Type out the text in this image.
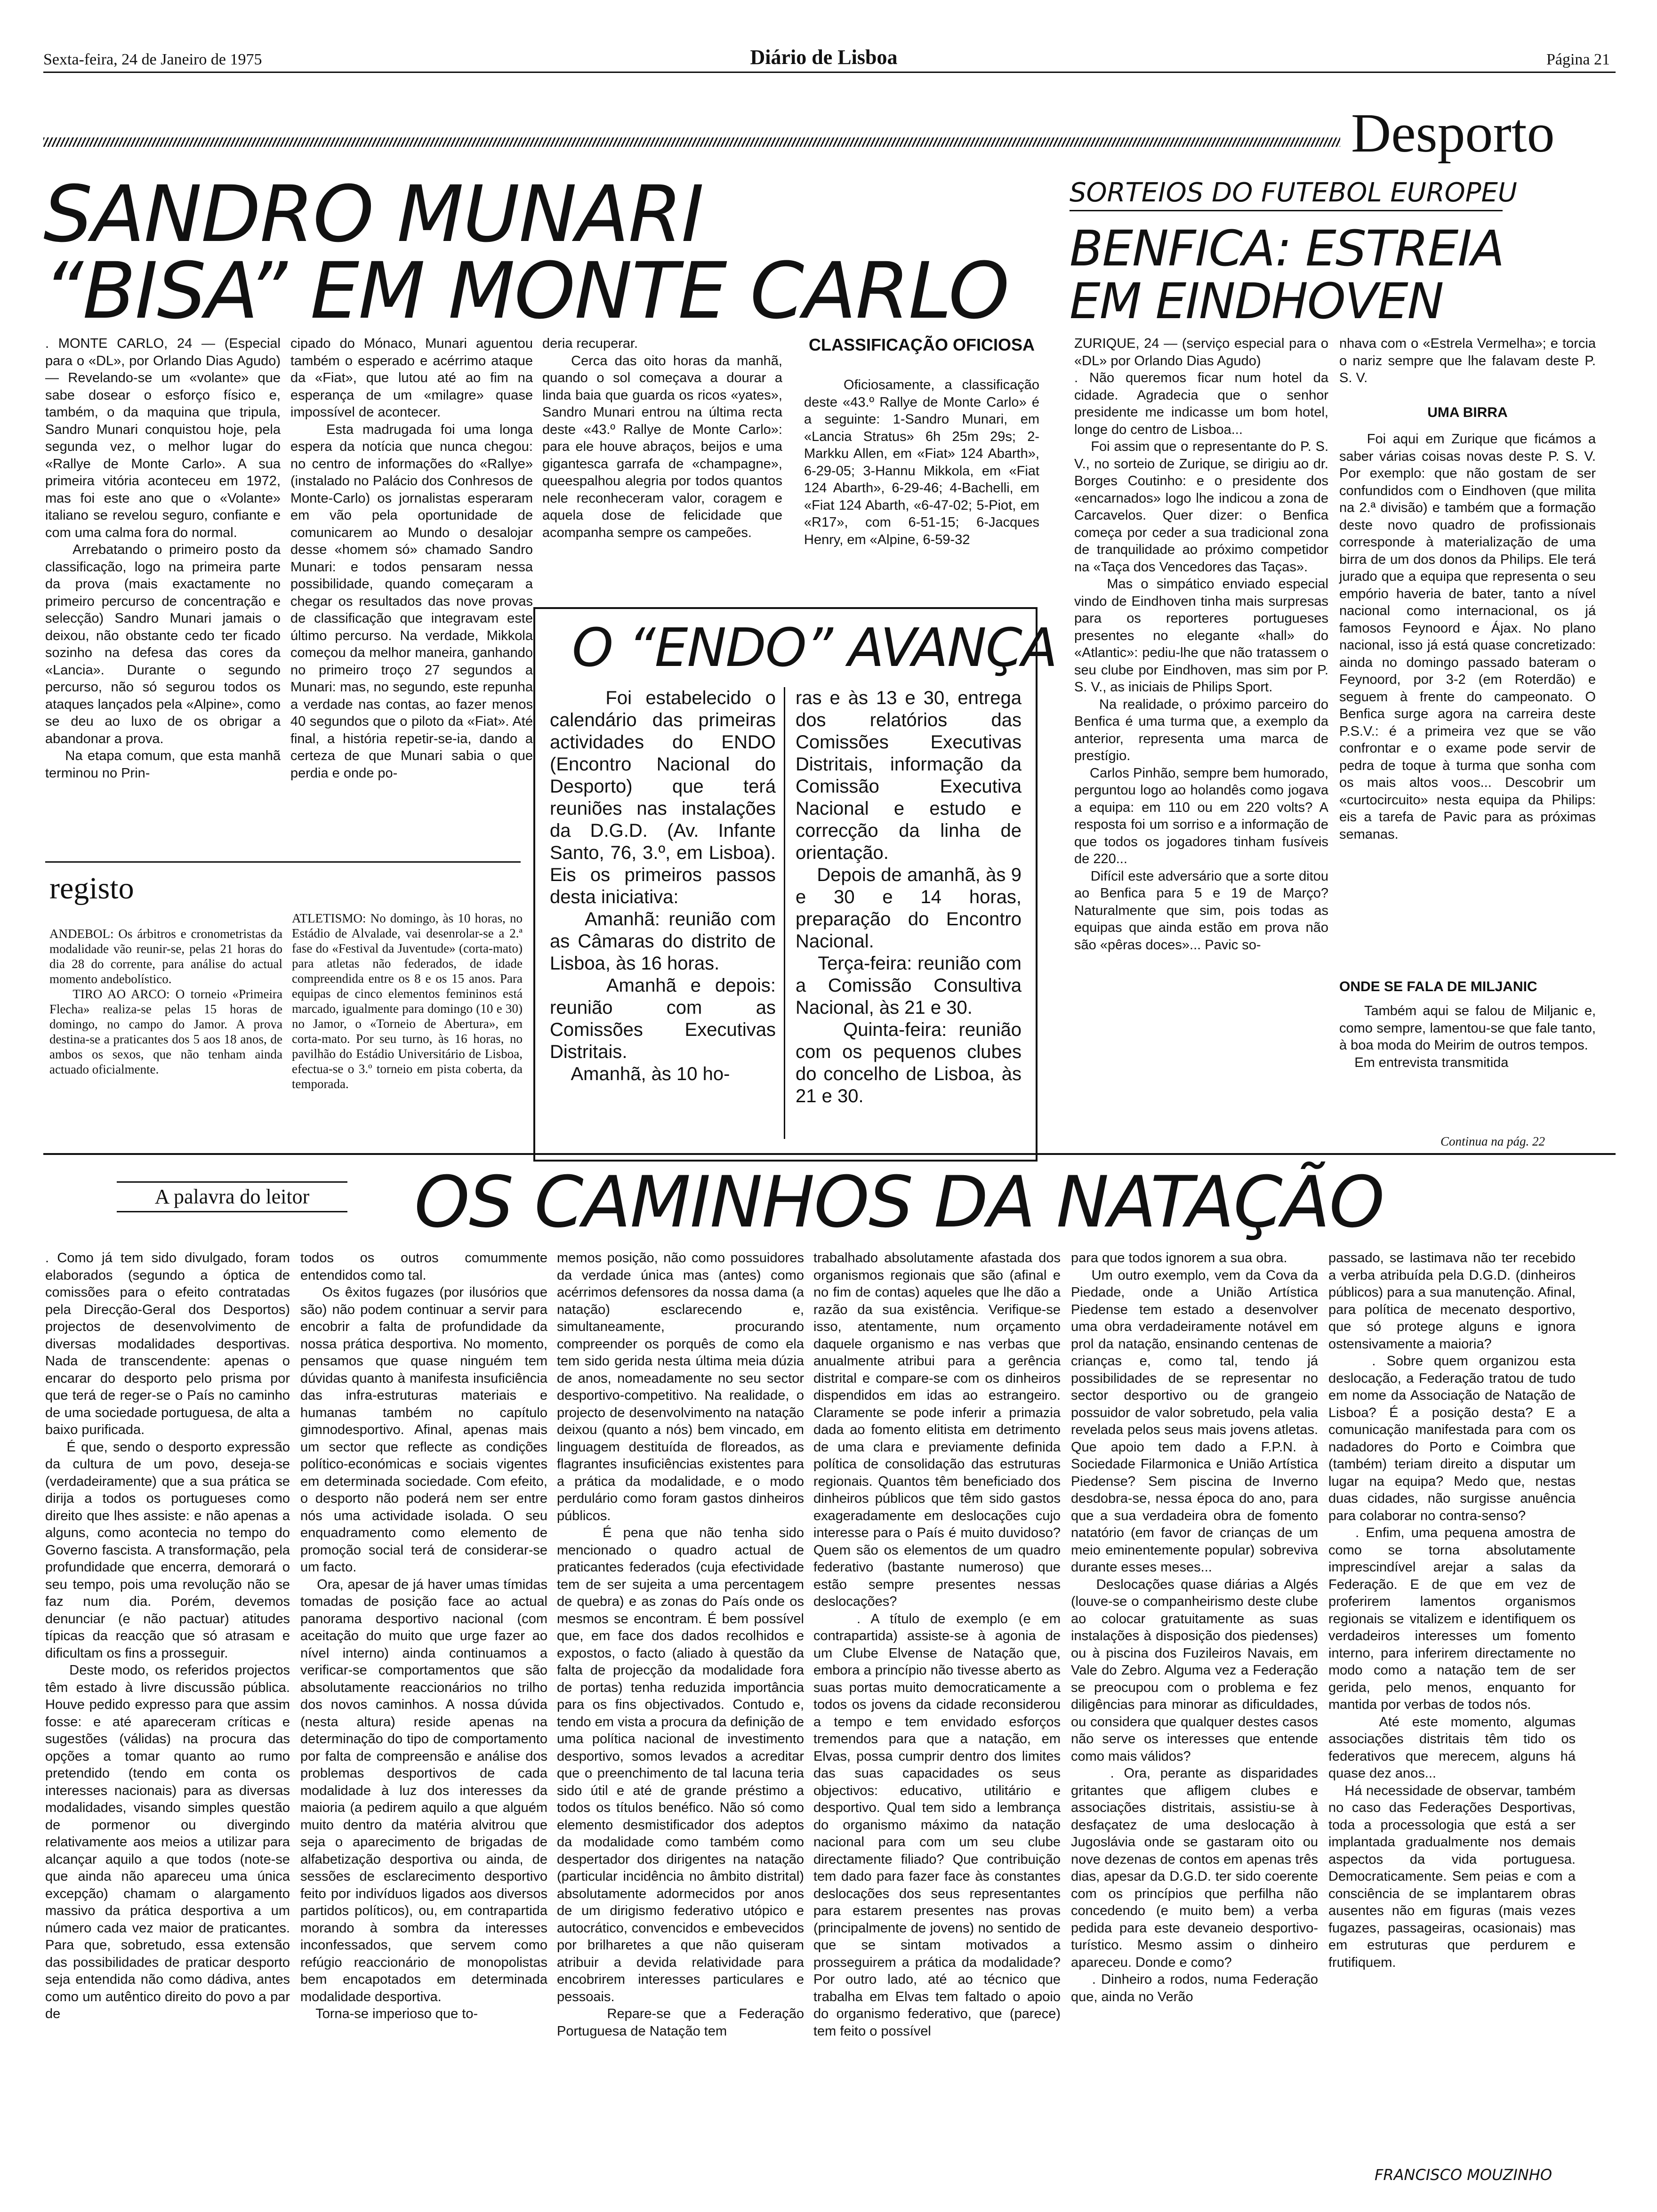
Sexta-feira, 24 de Janeiro de 1975	Diário de Lisboa	Página 21
Desporto
SANDRO MUNARI
“BISA” EM MONTE CARLO
. MONTE CARLO, 24 — (Especial para o «DL», por Orlando Dias Agudo) — Revelando-se um «volante» que sabe dosear o esforço físico e, também, o da maquina que tripula, Sandro Munari conquistou hoje, pela segunda vez, o melhor lugar do «Rallye de Monte Carlo». A sua primeira vitória aconteceu em 1972, mas foi este ano que o «Volante» italiano se revelou seguro, confiante e com uma calma fora do normal.
Arrebatando o primeiro posto da classificação, logo na primeira parte da prova (mais exactamente no primeiro percurso de concentração e selecção) Sandro Munari jamais o deixou, não obstante cedo ter ficado sozinho na defesa das cores da «Lancia». Durante o segundo percurso, não só segurou todos os ataques lançados pela «Alpine», como se deu ao luxo de os obrigar a abandonar a prova.
Na etapa comum, que esta manhã terminou no Prin-
cipado do Mónaco, Munari aguentou também o esperado e acérrimo ataque da «Fiat», que lutou até ao fim na esperança de um «milagre» quase impossível de acontecer.
Esta madrugada foi uma longa espera da notícia que nunca chegou: no centro de informações do «Rallye» (instalado no Palácio dos Conhresos de Monte-Carlo) os jornalistas esperaram em vão pela oportunidade de comunicarem ao Mundo o desalojar desse «homem só» chamado Sandro Munari: e todos pensaram nessa possibilidade, quando começaram a chegar os resultados das nove provas de classificação que integravam este último percurso. Na verdade, Mikkola começou da melhor maneira, ganhando no primeiro troço 27 segundos a Munari: mas, no segundo, este repunha a verdade nas contas, ao fazer menos 40 segundos que o piloto da «Fiat». Até final, a história repetir-se-ia, dando a certeza de que Munari sabia o que perdia e onde po-
deria recuperar.
Cerca das oito horas da manhã, quando o sol começava a dourar a linda baia que guarda os ricos «yates», Sandro Munari entrou na última recta deste «43.º Rallye de Monte Carlo»: para ele houve abraços, beijos e uma gigantesca garrafa de «champagne», queespalhou alegria por todos quantos nele reconheceram valor, coragem e aquela dose de felicidade que acompanha sempre os campeões.
CLASSIFICAÇÃO OFICIOSA
Oficiosamente, a classificação deste «43.º Rallye de Monte Carlo» é a seguinte: 1-Sandro Munari, em «Lancia Stratus» 6h 25m 29s; 2-Markku Allen, em «Fiat» 124 Abarth», 6-29-05; 3-Hannu Mikkola, em «Fiat 124 Abarth», 6-29-46; 4-Bachelli, em «Fiat 124 Abarth, «6-47-02; 5-Piot, em «R17», com 6-51-15; 6-Jacques Henry, em «Alpine, 6-59-32
O “ENDO” AVANÇA
Foi estabelecido o calendário das primeiras actividades do ENDO (Encontro Nacional do Desporto) que terá reuniões nas instalações da D.G.D. (Av. Infante Santo, 76, 3.º, em Lisboa). Eis os primeiros passos desta iniciativa:
Amanhã: reunião com as Câmaras do distrito de Lisboa, às 16 horas.
Amanhã e depois: reunião com as Comissões Executivas Distritais.
Amanhã, às 10 ho-
ras e às 13 e 30, entrega dos relatórios das Comissões Executivas Distritais, informação da Comissão Executiva Nacional e estudo e correcção da linha de orientação.
Depois de amanhã, às 9 e 30 e 14 horas, preparação do Encontro Nacional.
Terça-feira: reunião com a Comissão Consultiva Nacional, às 21 e 30.
Quinta-feira: reunião com os pequenos clubes do concelho de Lisboa, às 21 e 30.
registo
ANDEBOL: Os árbitros e cronometristas da modalidade vão reunir-se, pelas 21 horas do dia 28 do corrente, para análise do actual momento andebolístico.
TIRO AO ARCO: O torneio «Primeira Flecha» realiza-se pelas 15 horas de domingo, no campo do Jamor. A prova destina-se a praticantes dos 5 aos 18 anos, de ambos os sexos, que não tenham ainda actuado oficialmente.
ATLETISMO: No domingo, às 10 horas, no Estádio de Alvalade, vai desenrolar-se a 2.ª fase do «Festival da Juventude» (corta-mato) para atletas não federados, de idade compreendida entre os 8 e os 15 anos. Para equipas de cinco elementos femininos está marcado, igualmente para domingo (10 e 30) no Jamor, o «Torneio de Abertura», em corta-mato. Por seu turno, às 16 horas, no pavilhão do Estádio Universitário de Lisboa, efectua-se o 3.º torneio em pista coberta, da temporada.
SORTEIOS DO FUTEBOL EUROPEU
BENFICA: ESTREIA
EM EINDHOVEN
ZURIQUE, 24 — (serviço especial para o «DL» por Orlando Dias Agudo)
. Não queremos ficar num hotel da cidade. Agradecia que o senhor presidente me indicasse um bom hotel, longe do centro de Lisboa...
Foi assim que o representante do P. S. V., no sorteio de Zurique, se dirigiu ao dr. Borges Coutinho: e o presidente dos «encarnados» logo lhe indicou a zona de Carcavelos. Quer dizer: o Benfica começa por ceder a sua tradicional zona de tranquilidade ao próximo competidor na «Taça dos Vencedores das Taças».
Mas o simpático enviado especial vindo de Eindhoven tinha mais surpresas para os reporteres portugueses presentes no elegante «hall» do «Atlantic»: pediu-lhe que não tratassem o seu clube por Eindhoven, mas sim por P. S. V., as iniciais de Philips Sport.
Na realidade, o próximo parceiro do Benfica é uma turma que, a exemplo da anterior, representa uma marca de prestígio.
Carlos Pinhão, sempre bem humorado, perguntou logo ao holandês como jogava a equipa: em 110 ou em 220 volts? A resposta foi um sorriso e a informação de que todos os jogadores tinham fusíveis de 220...
Difícil este adversário que a sorte ditou ao Benfica para 5 e 19 de Março? Naturalmente que sim, pois todas as equipas que ainda estão em prova não são «pêras doces»... Pavic so-
nhava com o «Estrela Vermelha»; e torcia o nariz sempre que lhe falavam deste P. S. V.
UMA BIRRA
Foi aqui em Zurique que ficámos a saber várias coisas novas deste P. S. V. Por exemplo: que não gostam de ser confundidos com o Eindhoven (que milita na 2.ª divisão) e também que a formação deste novo quadro de profissionais corresponde à materialização de uma birra de um dos donos da Philips. Ele terá jurado que a equipa que representa o seu empório haveria de bater, tanto a nível nacional como internacional, os já famosos Feynoord e Ájax. No plano nacional, isso já está quase concretizado: ainda no domingo passado bateram o Feynoord, por 3-2 (em Roterdão) e seguem à frente do campeonato. O Benfica surge agora na carreira deste P.S.V.: é a primeira vez que se vão confrontar e o exame pode servir de pedra de toque à turma que sonha com os mais altos voos... Descobrir um «curtocircuito» nesta equipa da Philips: eis a tarefa de Pavic para as próximas semanas.
ONDE SE FALA DE MILJANIC
Também aqui se falou de Miljanic e, como sempre, lamentou-se que fale tanto, à boa moda do Meirim de outros tempos.
Em entrevista transmitida
Continua na pág. 22
A palavra do leitor	OS CAMINHOS DA NATAÇÃO
. Como já tem sido divulgado, foram elaborados (segundo a óptica de comissões para o efeito contratadas pela Direcção-Geral dos Desportos) projectos de desenvolvimento de diversas modalidades desportivas. Nada de transcendente: apenas o encarar do desporto pelo prisma por que terá de reger-se o País no caminho de uma sociedade portuguesa, de alta a baixo purificada.
É que, sendo o desporto expressão da cultura de um povo, deseja-se (verdadeiramente) que a sua prática se dirija a todos os portugueses como direito que lhes assiste: e não apenas a alguns, como acontecia no tempo do Governo fascista. A transformação, pela profundidade que encerra, demorará o seu tempo, pois uma revolução não se faz num dia. Porém, devemos denunciar (e não pactuar) atitudes típicas da reacção que só atrasam e dificultam os fins a prosseguir.
Deste modo, os referidos projectos têm estado à livre discussão pública. Houve pedido expresso para que assim fosse: e até apareceram críticas e sugestões (válidas) na procura das opções a tomar quanto ao rumo pretendido (tendo em conta os interesses nacionais) para as diversas modalidades, visando simples questão de pormenor ou divergindo relativamente aos meios a utilizar para alcançar aquilo a que todos (note-se que ainda não apareceu uma única excepção) chamam o alargamento massivo da prática desportiva a um número cada vez maior de praticantes. Para que, sobretudo, essa extensão das possibilidades de praticar desporto seja entendida não como dádiva, antes como um autêntico direito do povo a par de
todos os outros comummente entendidos como tal.
Os êxitos fugazes (por ilusórios que são) não podem continuar a servir para encobrir a falta de profundidade da nossa prática desportiva. No momento, pensamos que quase ninguém tem dúvidas quanto à manifesta insuficiência das infra-estruturas materiais e humanas também no capítulo gimnodesportivo. Afinal, apenas mais um sector que reflecte as condições político-económicas e sociais vigentes em determinada sociedade. Com efeito, o desporto não poderá nem ser entre nós uma actividade isolada. O seu enquadramento como elemento de promoção social terá de considerar-se um facto.
Ora, apesar de já haver umas tímidas tomadas de posição face ao actual panorama desportivo nacional (com aceitação do muito que urge fazer ao nível interno) ainda continuamos a verificar-se comportamentos que são absolutamente reaccionários no trilho dos novos caminhos. A nossa dúvida (nesta altura) reside apenas na determinação do tipo de comportamento por falta de compreensão e análise dos problemas desportivos de cada modalidade à luz dos interesses da maioria (a pedirem aquilo a que alguém muito dentro da matéria alvitrou que seja o aparecimento de brigadas de alfabetização desportiva ou ainda, de sessões de esclarecimento desportivo feito por indivíduos ligados aos diversos partidos políticos), ou, em contrapartida morando à sombra da interesses inconfessados, que servem como refúgio reaccionário de monopolistas bem encapotados em determinada modalidade desportiva.
Torna-se imperioso que to-
memos posição, não como possuidores da verdade única mas (antes) como acérrimos defensores da nossa dama (a natação) esclarecendo e, simultaneamente, procurando compreender os porquês de como ela tem sido gerida nesta última meia dúzia de anos, nomeadamente no seu sector desportivo-competitivo. Na realidade, o projecto de desenvolvimento na natação deixou (quanto a nós) bem vincado, em linguagem destituída de floreados, as flagrantes insuficiências existentes para a prática da modalidade, e o modo perdulário como foram gastos dinheiros públicos.
É pena que não tenha sido mencionado o quadro actual de praticantes federados (cuja efectividade tem de ser sujeita a uma percentagem de quebra) e as zonas do País onde os mesmos se encontram. É bem possível que, em face dos dados recolhidos e expostos, o facto (aliado à questão da falta de projecção da modalidade fora de portas) tenha reduzida importância para os fins objectivados. Contudo e, tendo em vista a procura da definição de uma política nacional de investimento desportivo, somos levados a acreditar que o preenchimento de tal lacuna teria sido útil e até de grande préstimo a todos os títulos benéfico. Não só como elemento desmistificador dos adeptos da modalidade como também como despertador dos dirigentes na natação (particular incidência no âmbito distrital) absolutamente adormecidos por anos de um dirigismo federativo utópico e autocrático, convencidos e embevecidos por brilharetes a que não quiseram atribuir a devida relatividade para encobrirem interesses particulares e pessoais.
Repare-se que a Federação Portuguesa de Natação tem
trabalhado absolutamente afastada dos organismos regionais que são (afinal e no fim de contas) aqueles que lhe dão a razão da sua existência. Verifique-se isso, atentamente, num orçamento daquele organismo e nas verbas que anualmente atribui para a gerência distrital e compare-se com os dinheiros dispendidos em idas ao estrangeiro. Claramente se pode inferir a primazia dada ao fomento elitista em detrimento de uma clara e previamente definida política de consolidação das estruturas regionais. Quantos têm beneficiado dos dinheiros públicos que têm sido gastos exageradamente em deslocações cujo interesse para o País é muito duvidoso? Quem são os elementos de um quadro federativo (bastante numeroso) que estão sempre presentes nessas deslocações?
. A título de exemplo (e em contrapartida) assiste-se à agonia de um Clube Elvense de Natação que, embora a princípio não tivesse aberto as suas portas muito democraticamente a todos os jovens da cidade reconsiderou a tempo e tem envidado esforços tremendos para que a natação, em Elvas, possa cumprir dentro dos limites das suas capacidades os seus objectivos: educativo, utilitário e desportivo. Qual tem sido a lembrança do organismo máximo da natação nacional para com um seu clube directamente filiado? Que contribuição tem dado para fazer face às constantes deslocações dos seus representantes para estarem presentes nas provas (principalmente de jovens) no sentido de que se sintam motivados a prosseguirem a prática da modalidade? Por outro lado, até ao técnico que trabalha em Elvas tem faltado o apoio do organismo federativo, que (parece) tem feito o possível
para que todos ignorem a sua obra.
Um outro exemplo, vem da Cova da Piedade, onde a União Artística Piedense tem estado a desenvolver uma obra verdadeiramente notável em prol da natação, ensinando centenas de crianças e, como tal, tendo já possibilidades de se representar no sector desportivo ou de grangeio possuidor de valor sobretudo, pela valia revelada pelos seus mais jovens atletas. Que apoio tem dado a F.P.N. à Sociedade Filarmonica e União Artística Piedense? Sem piscina de Inverno desdobra-se, nessa época do ano, para que a sua verdadeira obra de fomento natatório (em favor de crianças de um meio eminentemente popular) sobreviva durante esses meses...
Deslocações quase diárias a Algés (louve-se o companheirismo deste clube ao colocar gratuitamente as suas instalações à disposição dos piedenses) ou à piscina dos Fuzileiros Navais, em Vale do Zebro. Alguma vez a Federação se preocupou com o problema e fez diligências para minorar as dificuldades, ou considera que qualquer destes casos não serve os interesses que entende como mais válidos?
. Ora, perante as disparidades gritantes que afligem clubes e associações distritais, assistiu-se à desfaçatez de uma deslocação à Jugoslávia onde se gastaram oito ou nove dezenas de contos em apenas três dias, apesar da D.G.D. ter sido coerente com os princípios que perfilha não concedendo (e muito bem) a verba pedida para este devaneio desportivo-turístico. Mesmo assim o dinheiro apareceu. Donde e como?
. Dinheiro a rodos, numa Federação que, ainda no Verão
passado, se lastimava não ter recebido a verba atribuída pela D.G.D. (dinheiros públicos) para a sua manutenção. Afinal, para política de mecenato desportivo, que só protege alguns e ignora ostensivamente a maioria?
. Sobre quem organizou esta deslocação, a Federação tratou de tudo em nome da Associação de Natação de Lisboa? É a posição desta? E a comunicação manifestada para com os nadadores do Porto e Coimbra que (também) teriam direito a disputar um lugar na equipa? Medo que, nestas duas cidades, não surgisse anuência para colaborar no contra-senso?
. Enfim, uma pequena amostra de como se torna absolutamente imprescindível arejar a salas da Federação. E de que em vez de proferirem lamentos organismos regionais se vitalizem e identifiquem os verdadeiros interesses um fomento interno, para inferirem directamente no modo como a natação tem de ser gerida, pelo menos, enquanto for mantida por verbas de todos nós.
Até este momento, algumas associações distritais têm tido os federativos que merecem, alguns há quase dez anos...
Há necessidade de observar, também no caso das Federações Desportivas, toda a processologia que está a ser implantada gradualmente nos demais aspectos da vida portuguesa. Democraticamente. Sem peias e com a consciência de se implantarem obras ausentes não em figuras (mais vezes fugazes, passageiras, ocasionais) mas em estruturas que perdurem e frutifiquem.
FRANCISCO MOUZINHO
